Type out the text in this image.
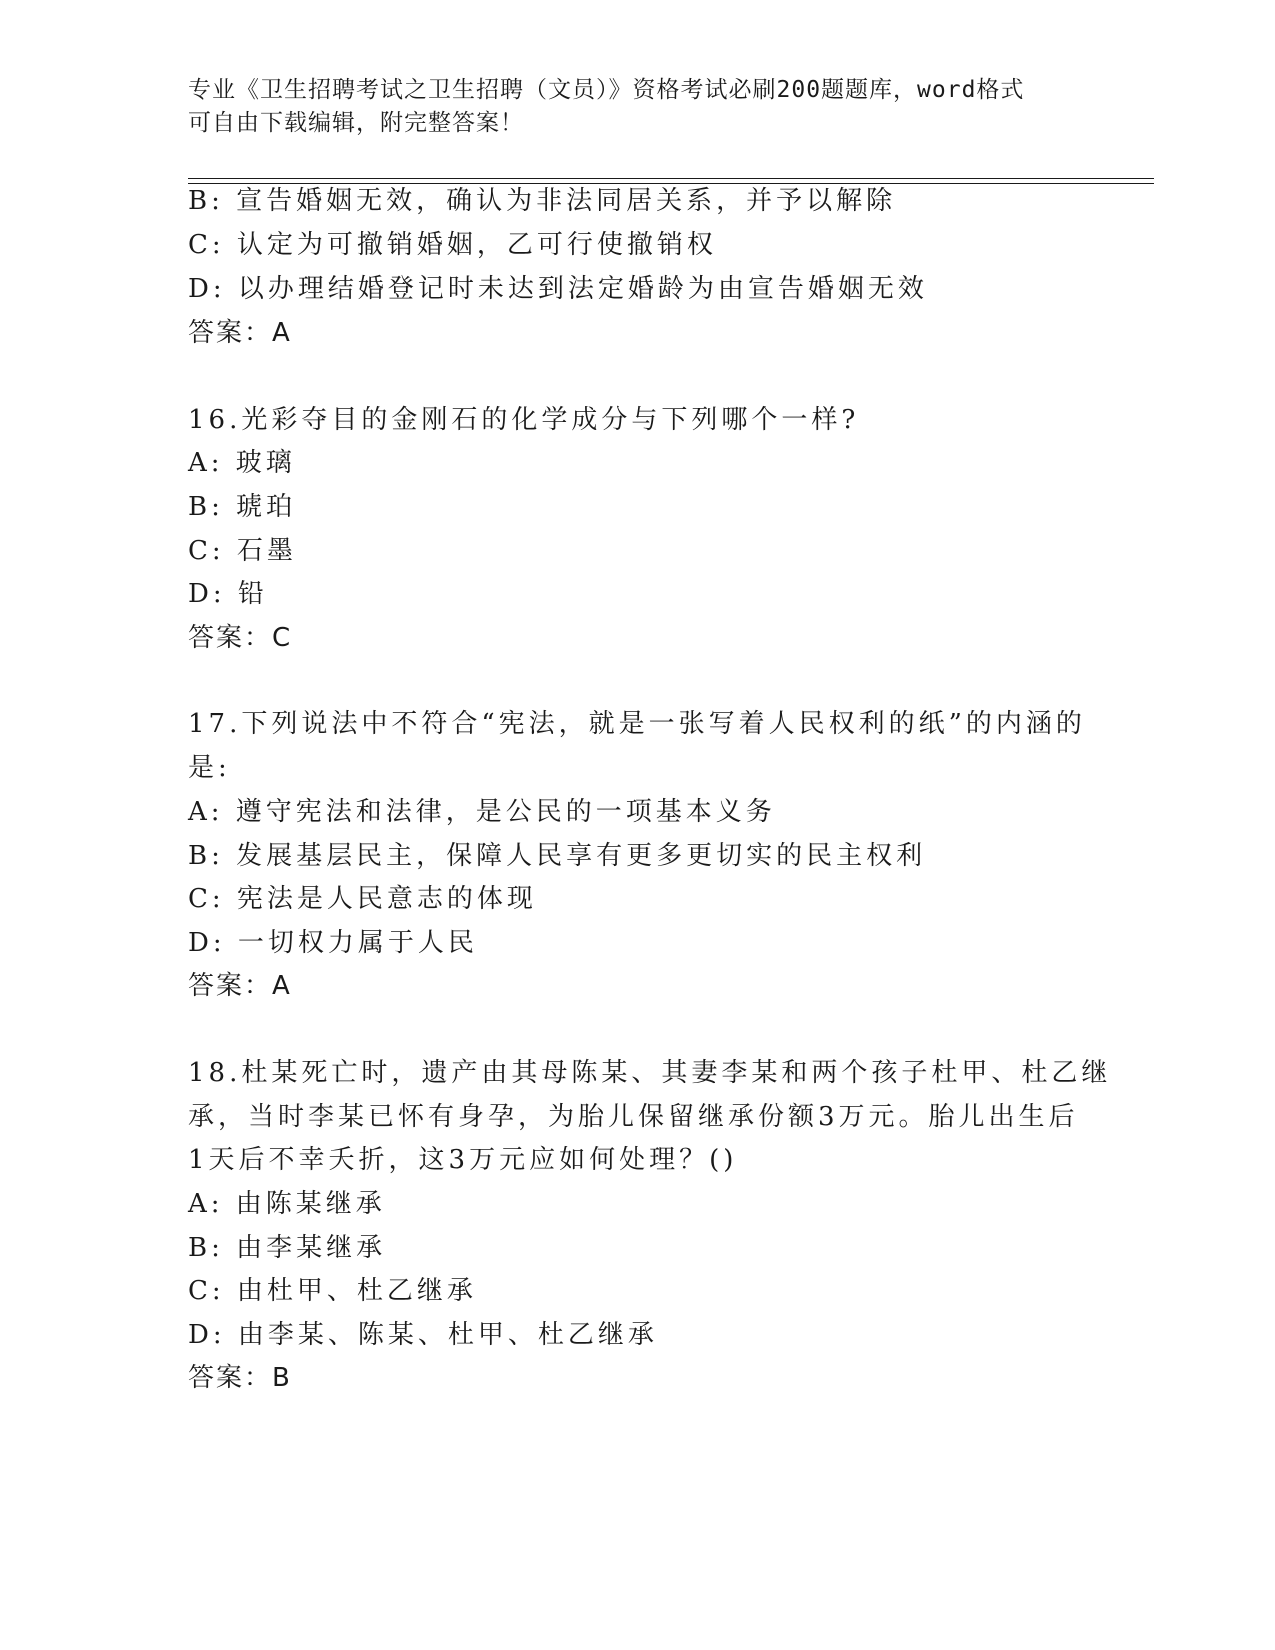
专业《卫生招聘考试之卫生招聘（文员）》资格考试必刷200题题库，word格式
可自由下载编辑，附完整答案！
B: 宣告婚姻无效，确认为非法同居关系，并予以解除
C: 认定为可撤销婚姻，乙可行使撤销权
D: 以办理结婚登记时未达到法定婚龄为由宣告婚姻无效
答案：A
16.光彩夺目的金刚石的化学成分与下列哪个一样?
A: 玻璃
B: 琥珀
C: 石墨
D: 铅
答案：C
17.下列说法中不符合“宪法，就是一张写着人民权利的纸”的内涵的
是:
A: 遵守宪法和法律，是公民的一项基本义务
B: 发展基层民主，保障人民享有更多更切实的民主权利
C: 宪法是人民意志的体现
D: 一切权力属于人民
答案：A
18.杜某死亡时，遗产由其母陈某、其妻李某和两个孩子杜甲、杜乙继
承，当时李某已怀有身孕，为胎儿保留继承份额3万元。胎儿出生后
1天后不幸夭折，这3万元应如何处理？()
A: 由陈某继承
B: 由李某继承
C: 由杜甲、杜乙继承
D: 由李某、陈某、杜甲、杜乙继承
答案：B
